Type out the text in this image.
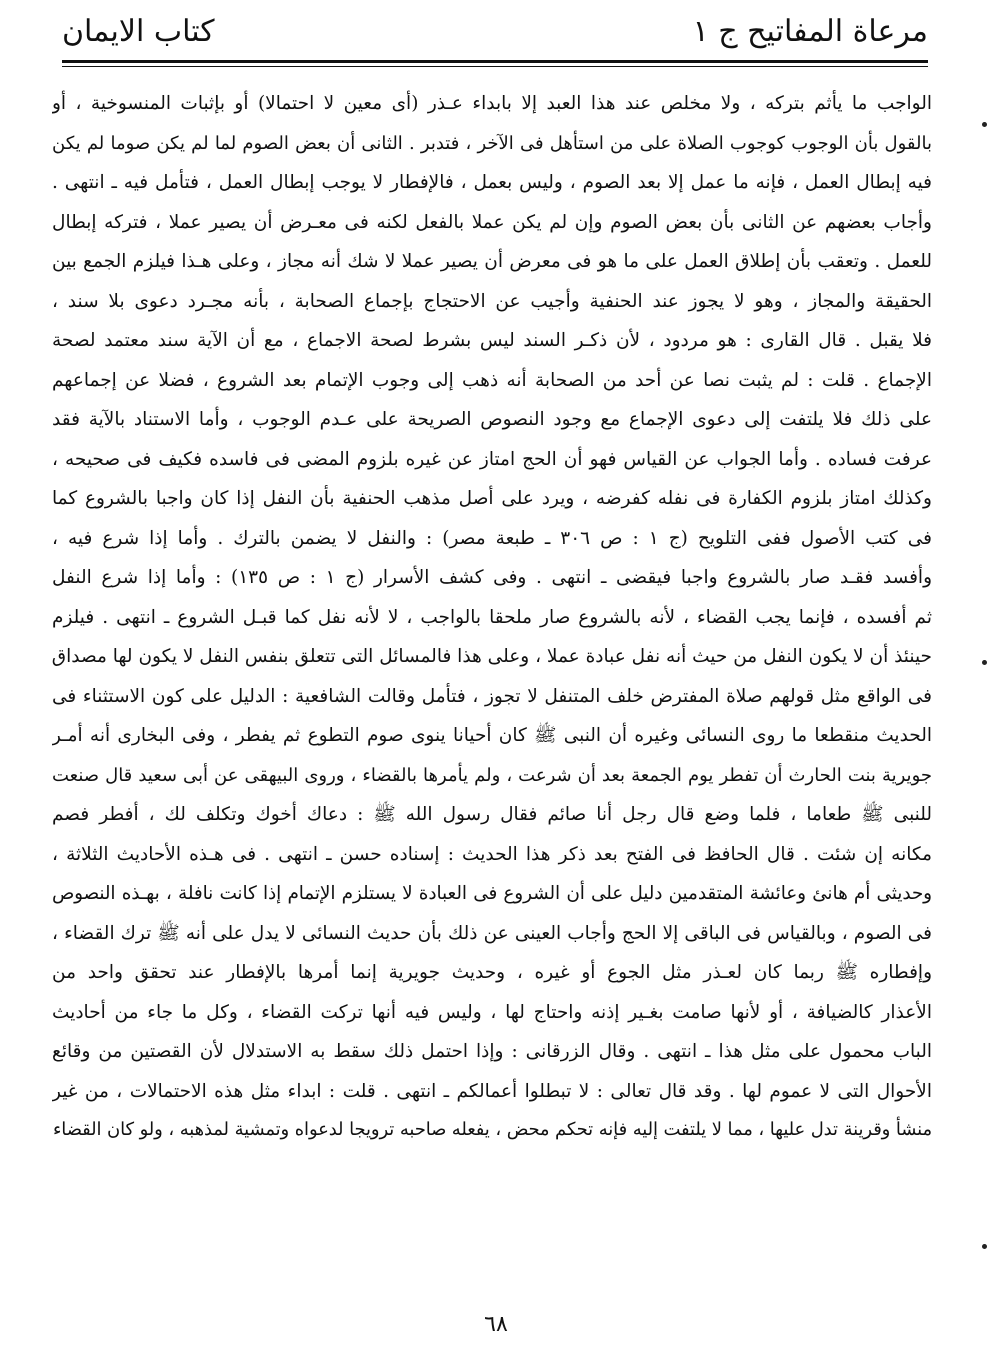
مرعاة المفاتيح ج ١
كتاب الايمان
الواجب ما يأثم بتركه ، ولا مخلص عند هذا العبد إلا بابداء عـذر (أى معين لا احتمالا) أو بإثبات المنسوخية ، أو
بالقول بأن الوجوب كوجوب الصلاة على من استأهل فى الآخر ، فتدبر . الثانى أن بعض الصوم لما لم يكن صوما لم يكن
فيه إبطال العمل ، فإنه ما عمل إلا بعد الصوم ، وليس بعمل ، فالإفطار لا يوجب إبطال العمل ، فتأمل فيه ـ انتهى .
وأجاب بعضهم عن الثانى بأن بعض الصوم وإن لم يكن عملا بالفعل لكنه فى معـرض أن يصير عملا ، فتركه إبطال
للعمل . وتعقب بأن إطلاق العمل على ما هو فى معرض أن يصير عملا لا شك أنه مجاز ، وعلى هـذا فيلزم الجمع بين
الحقيقة والمجاز ، وهو لا يجوز عند الحنفية وأجيب عن الاحتجاج بإجماع الصحابة ، بأنه مجـرد دعوى بلا سند ،
فلا يقبل . قال القارى : هو مردود ، لأن ذكـر السند ليس بشرط لصحة الاجماع ، مع أن الآية سند معتمد لصحة
الإجماع . قلت : لم يثبت نصا عن أحد من الصحابة أنه ذهب إلى وجوب الإتمام بعد الشروع ، فضلا عن إجماعهم
على ذلك فلا يلتفت إلى دعوى الإجماع مع وجود النصوص الصريحة على عـدم الوجوب ، وأما الاستناد بالآية فقد
عرفت فساده . وأما الجواب عن القياس فهو أن الحج امتاز عن غيره بلزوم المضى فى فاسده فكيف فى صحيحه ،
وكذلك امتاز بلزوم الكفارة فى نفله كفرضه ، ويرد على أصل مذهب الحنفية بأن النفل إذا كان واجبا بالشروع كما
فى كتب الأصول ففى التلويح (ج ١ : ص ٣٠٦ ـ طبعة مصر) : والنفل لا يضمن بالترك . وأما إذا شرع فيه ،
وأفسد فقـد صار بالشروع واجبا فيقضى ـ انتهى . وفى كشف الأسرار (ج ١ : ص ١٣٥) : وأما إذا شرع النفل
ثم أفسده ، فإنما يجب القضاء ، لأنه بالشروع صار ملحقا بالواجب ، لا لأنه نفل كما قبـل الشروع ـ انتهى . فيلزم
حينئذ أن لا يكون النفل من حيث أنه نفل عبادة عملا ، وعلى هذا فالمسائل التى تتعلق بنفس النفل لا يكون لها مصداق
فى الواقع مثل قولهم صلاة المفترض خلف المتنفل لا تجوز ، فتأمل وقالت الشافعية : الدليل على كون الاستثناء فى
الحديث منقطعا ما روى النسائى وغيره أن النبى ﷺ كان أحيانا ينوى صوم التطوع ثم يفطر ، وفى البخارى أنه أمـر
جويرية بنت الحارث أن تفطر يوم الجمعة بعد أن شرعت ، ولم يأمرها بالقضاء ، وروى البيهقى عن أبى سعيد قال صنعت
للنبى ﷺ طعاما ، فلما وضع قال رجل أنا صائم فقال رسول الله ﷺ : دعاك أخوك وتكلف لك ، أفطر فصم
مكانه إن شئت . قال الحافظ فى الفتح بعد ذكر هذا الحديث : إسناده حسن ـ انتهى . فى هـذه الأحاديث الثلاثة ،
وحديثى أم هانئ وعائشة المتقدمين دليل على أن الشروع فى العبادة لا يستلزم الإتمام إذا كانت نافلة ، بهـذه النصوص
فى الصوم ، وبالقياس فى الباقى إلا الحج وأجاب العينى عن ذلك بأن حديث النسائى لا يدل على أنه ﷺ ترك القضاء ،
وإفطاره ﷺ ربما كان لعـذر مثل الجوع أو غيره ، وحديث جويرية إنما أمرها بالإفطار عند تحقق واحد من
الأعذار كالضيافة ، أو لأنها صامت بغـير إذنه واحتاج لها ، وليس فيه أنها تركت القضاء ، وكل ما جاء من أحاديث
الباب محمول على مثل هذا ـ انتهى . وقال الزرقانى : وإذا احتمل ذلك سقط به الاستدلال لأن القصتين من وقائع
الأحوال التى لا عموم لها . وقد قال تعالى : لا تبطلوا أعمالكم ـ انتهى . قلت : ابداء مثل هذه الاحتمالات ، من غير
منشأ وقرينة تدل عليها ، مما لا يلتفت إليه فإنه تحكم محض ، يفعله صاحبه ترويجا لدعواه وتمشية لمذهبه ، ولو كان القضاء
٦٨
